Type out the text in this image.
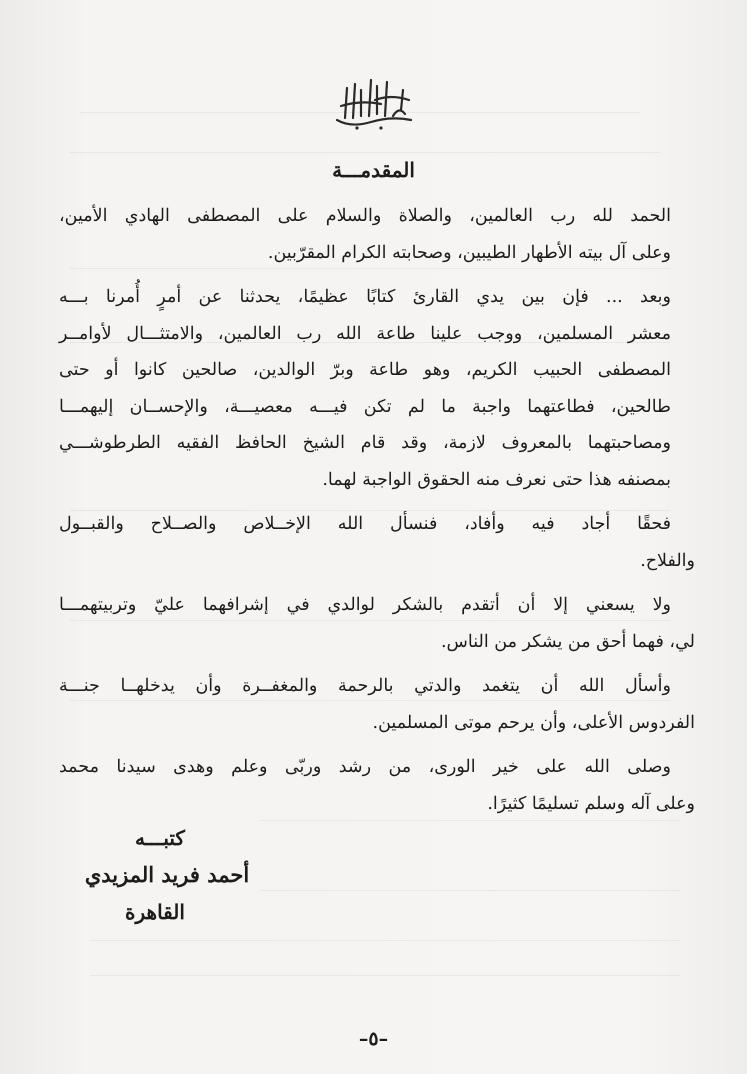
المقدمـــة

الحمد لله رب العالمين، والصلاة والسلام على المصطفى الهادي الأمين،
وعلى آل بيته الأطهار الطيبين، وصحابته الكرام المقرّبين.

وبعد ... فإن بين يدي القارئ كتابًا عظيمًا، يحدثنا عن أمرٍ أُمرنا بـــه
معشر المسلمين، ووجب علينا طاعة الله رب العالمين، والامتثـــال لأوامــر
المصطفى الحبيب الكريم، وهو طاعة وبرّ الوالدين، صالحين كانوا أو حتى
طالحين، فطاعتهما واجبة ما لم تكن فيـــه معصيـــة، والإحســان إليهمـــا
ومصاحبتهما بالمعروف لازمة، وقد قام الشيخ الحافظ الفقيه الطرطوشـــي
بمصنفه هذا حتى نعرف منه الحقوق الواجبة لهما.

فحقًا أجاد فيه وأفاد، فنسأل الله الإخــلاص والصــلاح والقبــول
والفلاح.

ولا يسعني إلا أن أتقدم بالشكر لوالدي في إشرافهما عليّ وتربيتهمـــا
لي، فهما أحق من يشكر من الناس.

وأسأل الله أن يتغمد والدتي بالرحمة والمغفــرة وأن يدخلهــا جنـــة
الفردوس الأعلى، وأن يرحم موتى المسلمين.

وصلى الله على خير الورى، من رشد وربّى وعلم وهدى سيدنا محمد
وعلى آله وسلم تسليمًا كثيرًا.

كتبـــه
أحمد فريد المزيدي
القاهرة
–٥–
